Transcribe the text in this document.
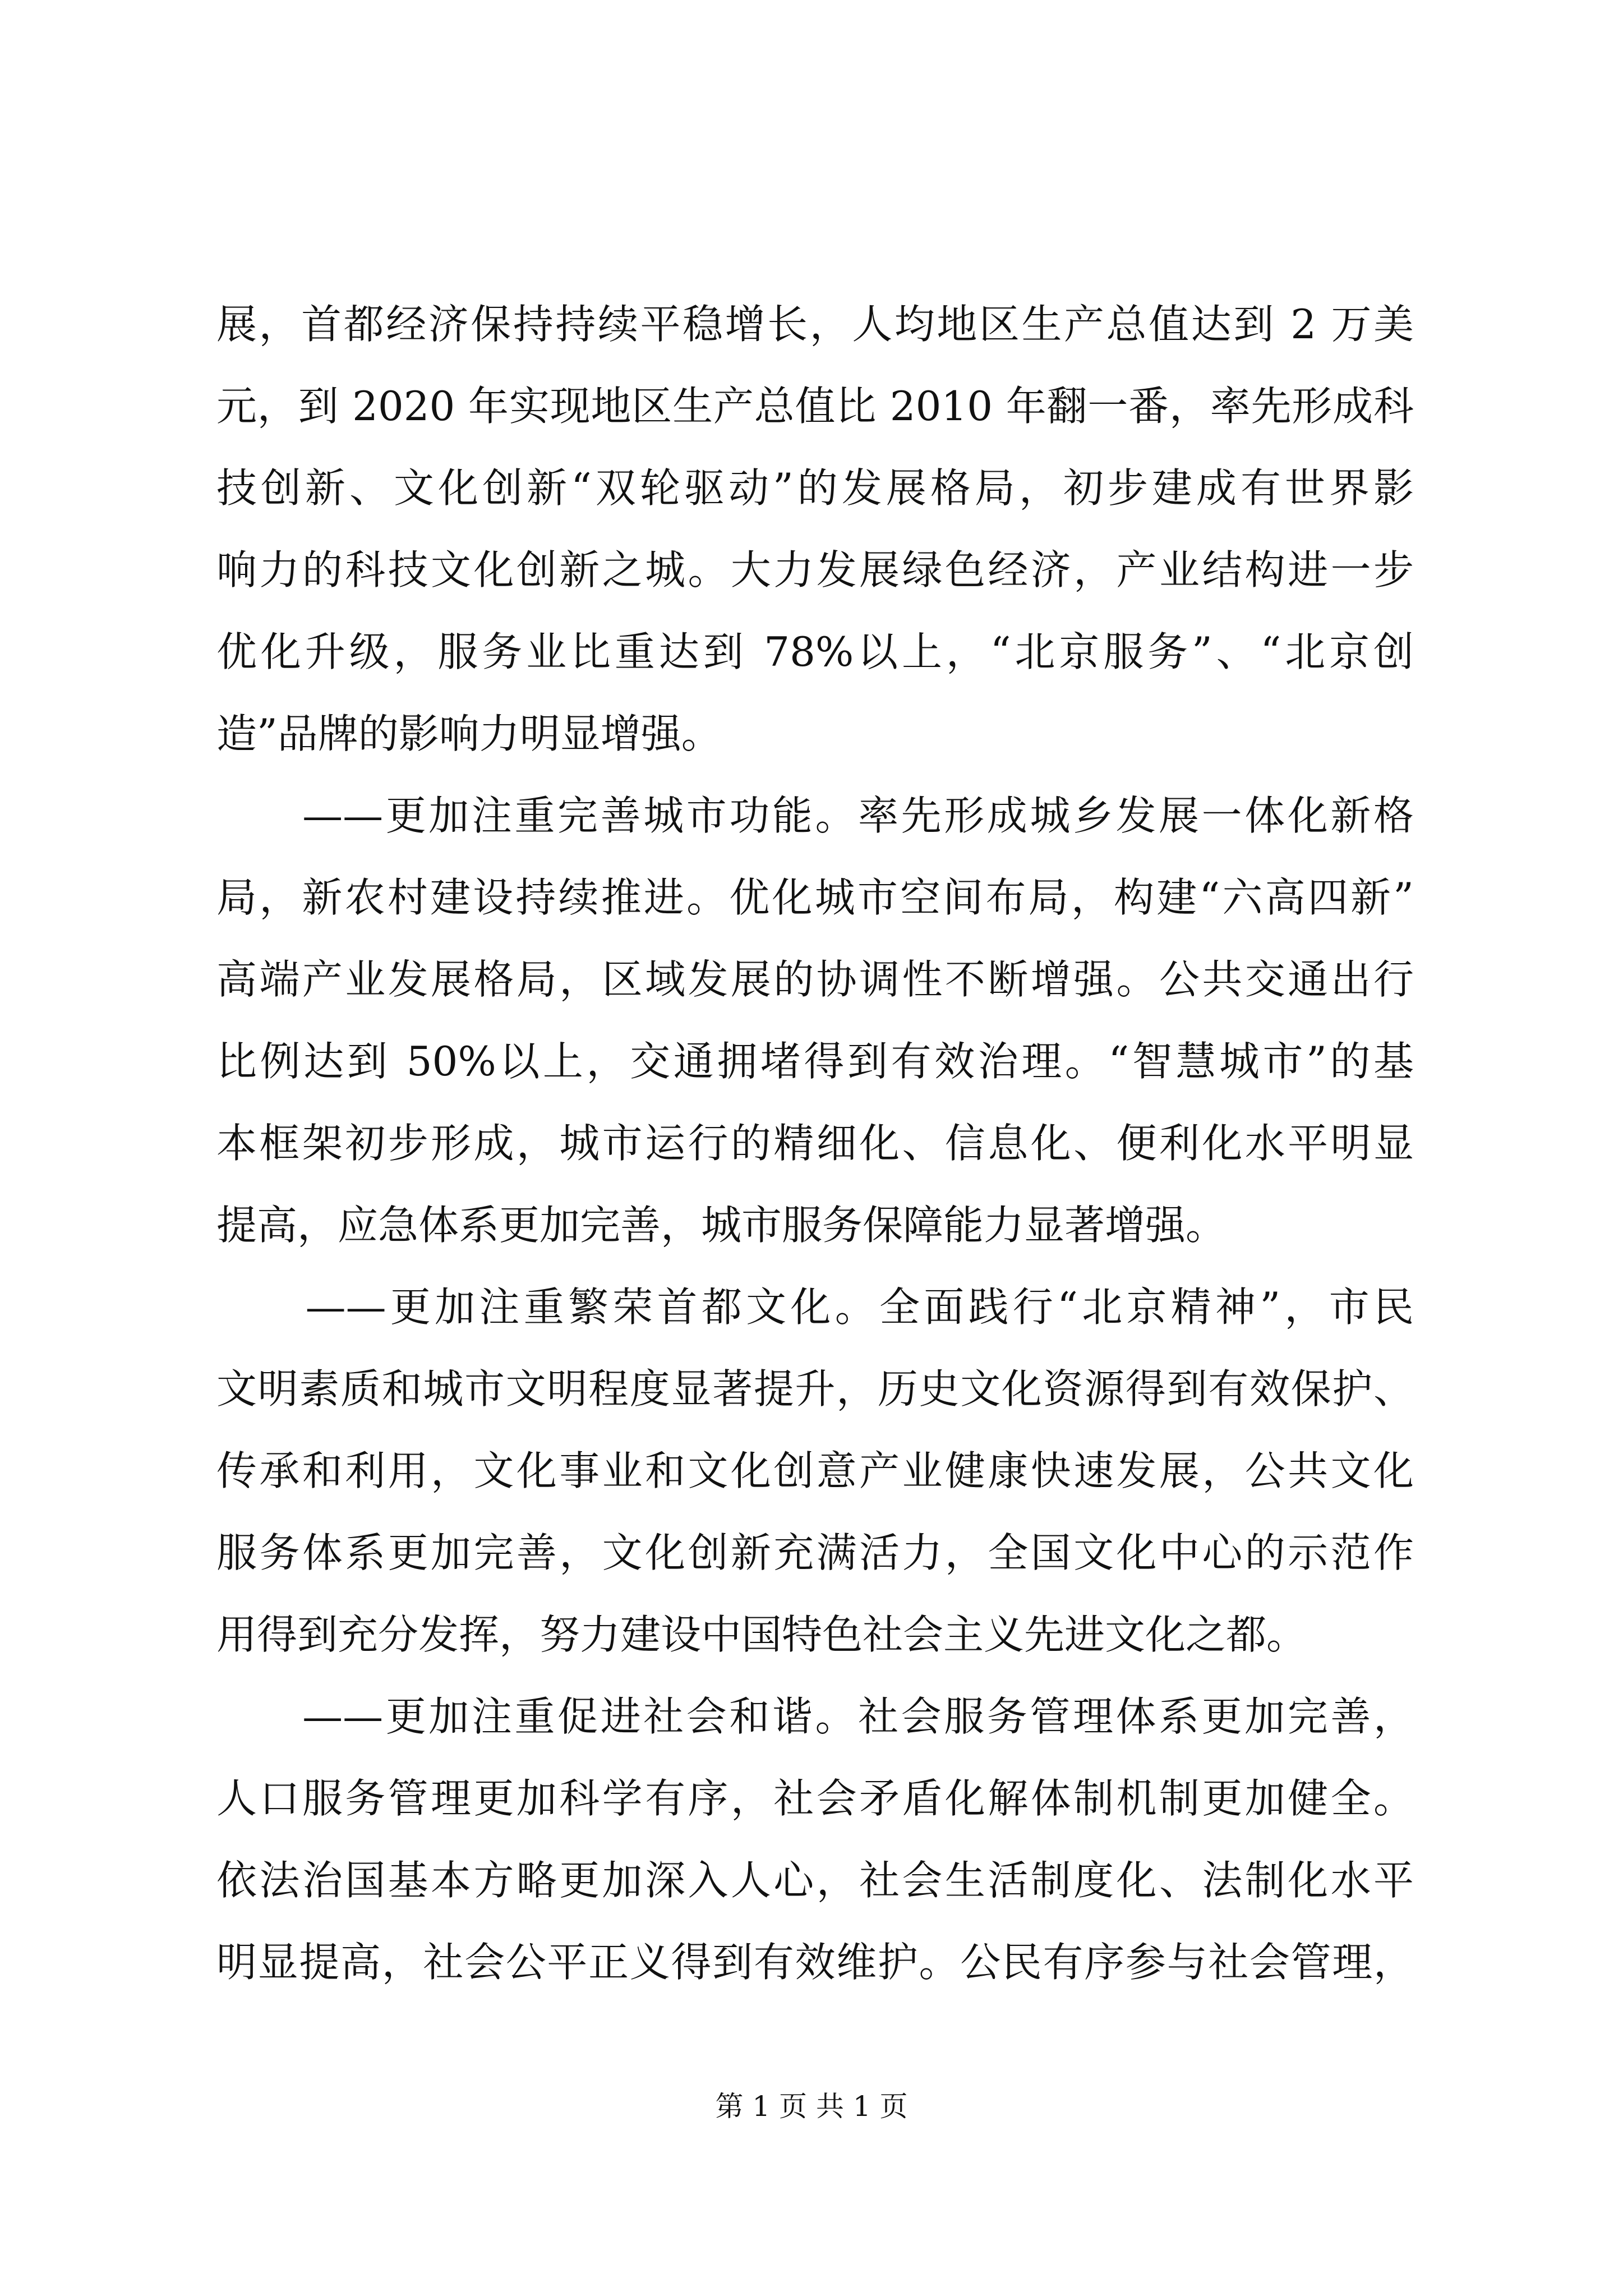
展，首都经济保持持续平稳增长，人均地区生产总值达到 2 万美
元，到 2020 年实现地区生产总值比 2010 年翻一番，率先形成科
技创新、文化创新“双轮驱动”的发展格局，初步建成有世界影
响力的科技文化创新之城。大力发展绿色经济，产业结构进一步
优化升级，服务业比重达到 78%以上，“北京服务”、“北京创
造”品牌的影响力明显增强。
　　——更加注重完善城市功能。率先形成城乡发展一体化新格
局，新农村建设持续推进。优化城市空间布局，构建“六高四新”
高端产业发展格局，区域发展的协调性不断增强。公共交通出行
比例达到 50%以上，交通拥堵得到有效治理。“智慧城市”的基
本框架初步形成，城市运行的精细化、信息化、便利化水平明显
提高，应急体系更加完善，城市服务保障能力显著增强。
　　——更加注重繁荣首都文化。全面践行“北京精神”，市民
文明素质和城市文明程度显著提升，历史文化资源得到有效保护、
传承和利用，文化事业和文化创意产业健康快速发展，公共文化
服务体系更加完善，文化创新充满活力，全国文化中心的示范作
用得到充分发挥，努力建设中国特色社会主义先进文化之都。
　　——更加注重促进社会和谐。社会服务管理体系更加完善，
人口服务管理更加科学有序，社会矛盾化解体制机制更加健全。
依法治国基本方略更加深入人心，社会生活制度化、法制化水平
明显提高，社会公平正义得到有效维护。公民有序参与社会管理，
第 1 页 共 1 页
